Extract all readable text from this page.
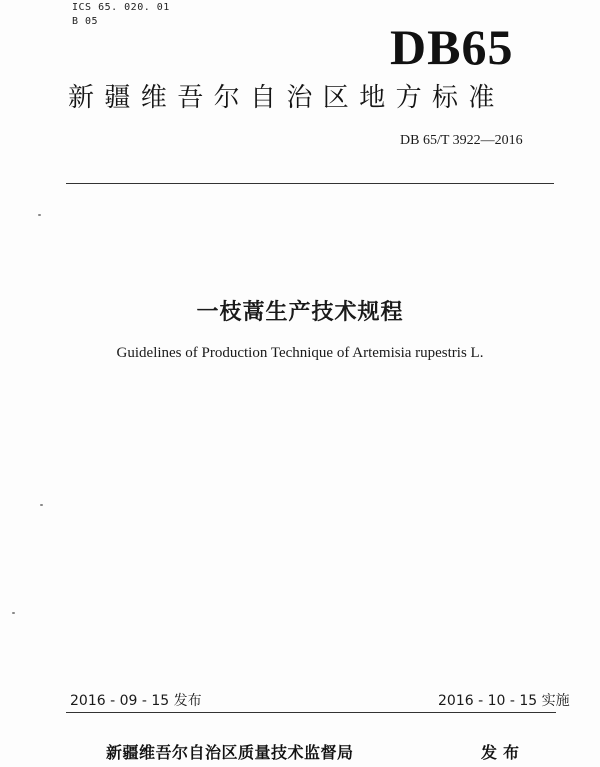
ICS 65. 020. 01
B 05	DB65
新疆维吾尔自治区地方标准
DB 65/T 3922—2016
一枝蒿生产技术规程
Guidelines of Production Technique of Artemisia rupestris L.
2016 - 09 - 15 发布	2016 - 10 - 15 实施
新疆维吾尔自治区质量技术监督局	发布
